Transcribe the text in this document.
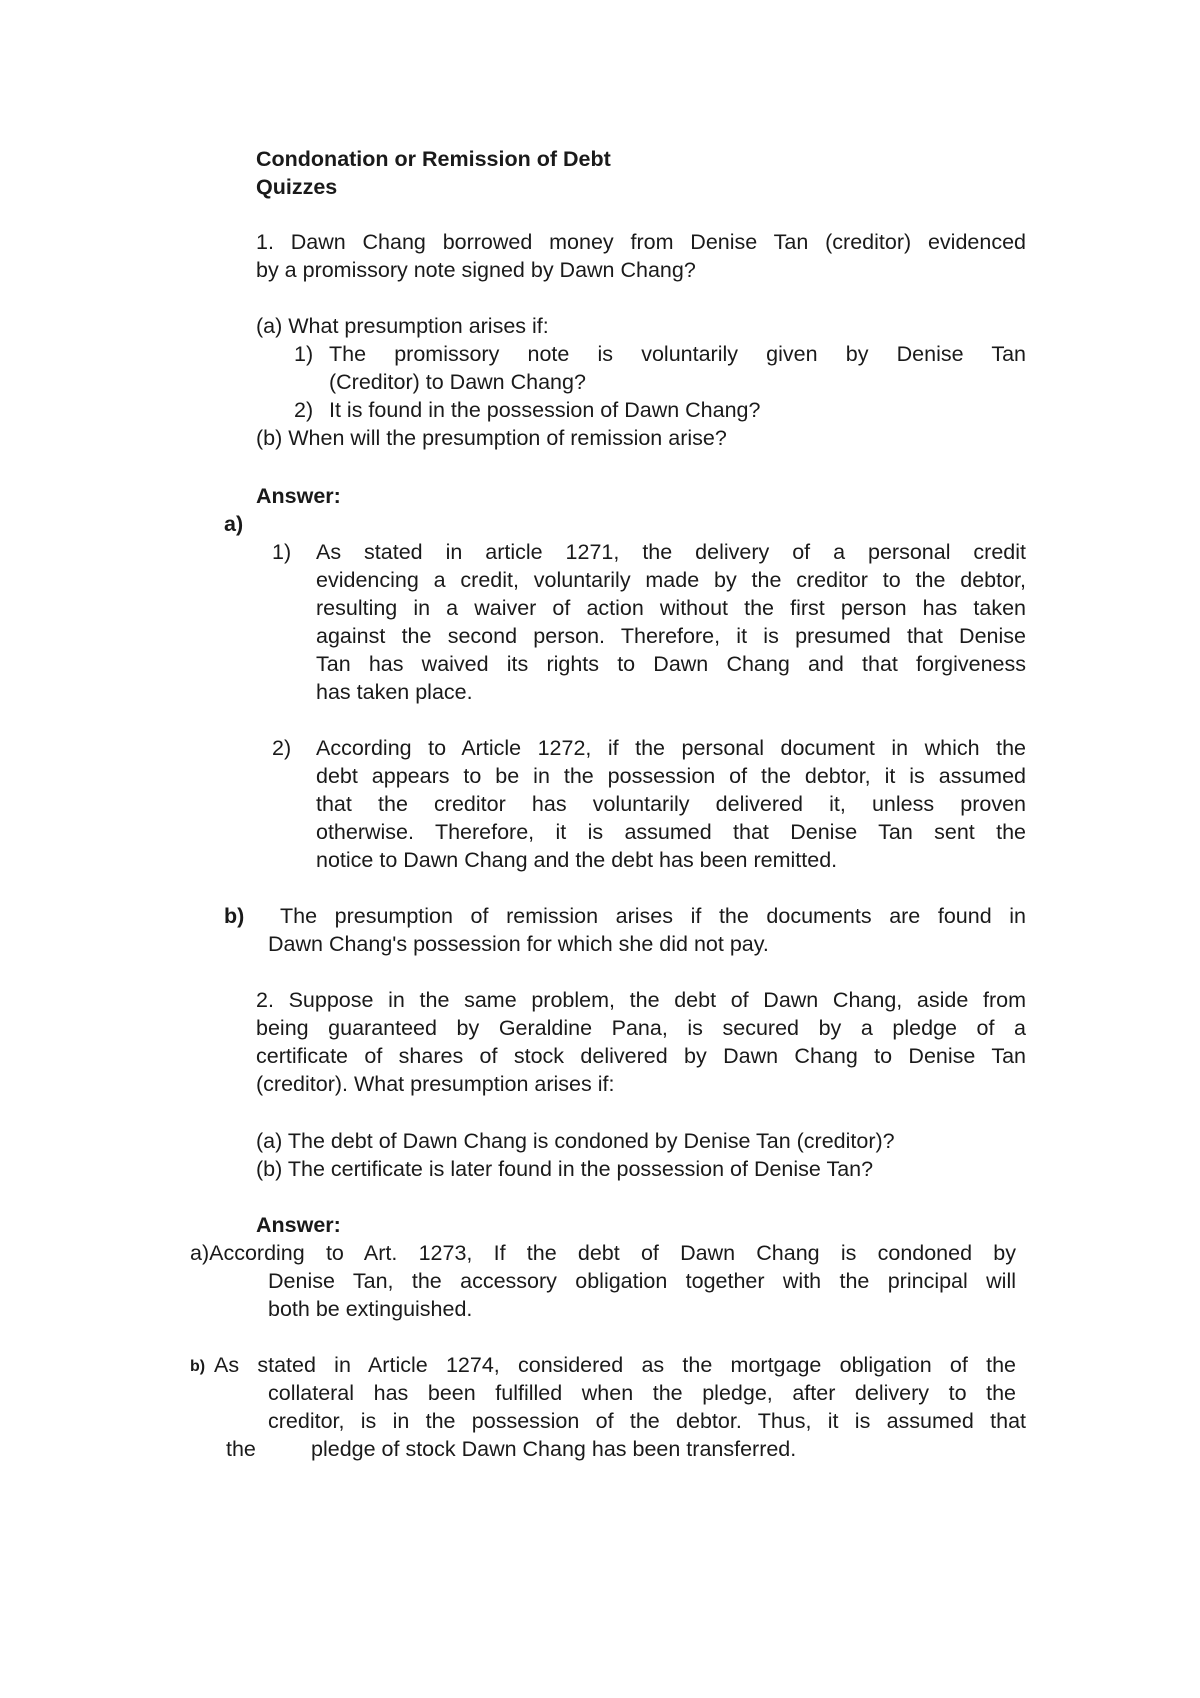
Condonation or Remission of Debt
Quizzes
1. Dawn Chang borrowed money from Denise Tan (creditor) evidenced
by a promissory note signed by Dawn Chang?
(a) What presumption arises if:
1) The promissory note is voluntarily given by Denise Tan
(Creditor) to Dawn Chang?
2) It is found in the possession of Dawn Chang?
(b) When will the presumption of remission arise?
Answer:
a)
1) As stated in article 1271, the delivery of a personal credit
evidencing a credit, voluntarily made by the creditor to the debtor,
resulting in a waiver of action without the first person has taken
against the second person. Therefore, it is presumed that Denise
Tan has waived its rights to Dawn Chang and that forgiveness
has taken place.
2) According to Article 1272, if the personal document in which the
debt appears to be in the possession of the debtor, it is assumed
that the creditor has voluntarily delivered it, unless proven
otherwise. Therefore, it is assumed that Denise Tan sent the
notice to Dawn Chang and the debt has been remitted.
b) The presumption of remission arises if the documents are found in
Dawn Chang's possession for which she did not pay.
2. Suppose in the same problem, the debt of Dawn Chang, aside from
being guaranteed by Geraldine Pana, is secured by a pledge of a
certificate of shares of stock delivered by Dawn Chang to Denise Tan
(creditor). What presumption arises if:
(a) The debt of Dawn Chang is condoned by Denise Tan (creditor)?
(b) The certificate is later found in the possession of Denise Tan?
Answer:
a)According to Art. 1273, If the debt of Dawn Chang is condoned by
Denise Tan, the accessory obligation together with the principal will
both be extinguished.
b) As stated in Article 1274, considered as the mortgage obligation of the
collateral has been fulfilled when the pledge, after delivery to the
creditor, is in the possession of the debtor. Thus, it is assumed that
the	pledge of stock Dawn Chang has been transferred.
